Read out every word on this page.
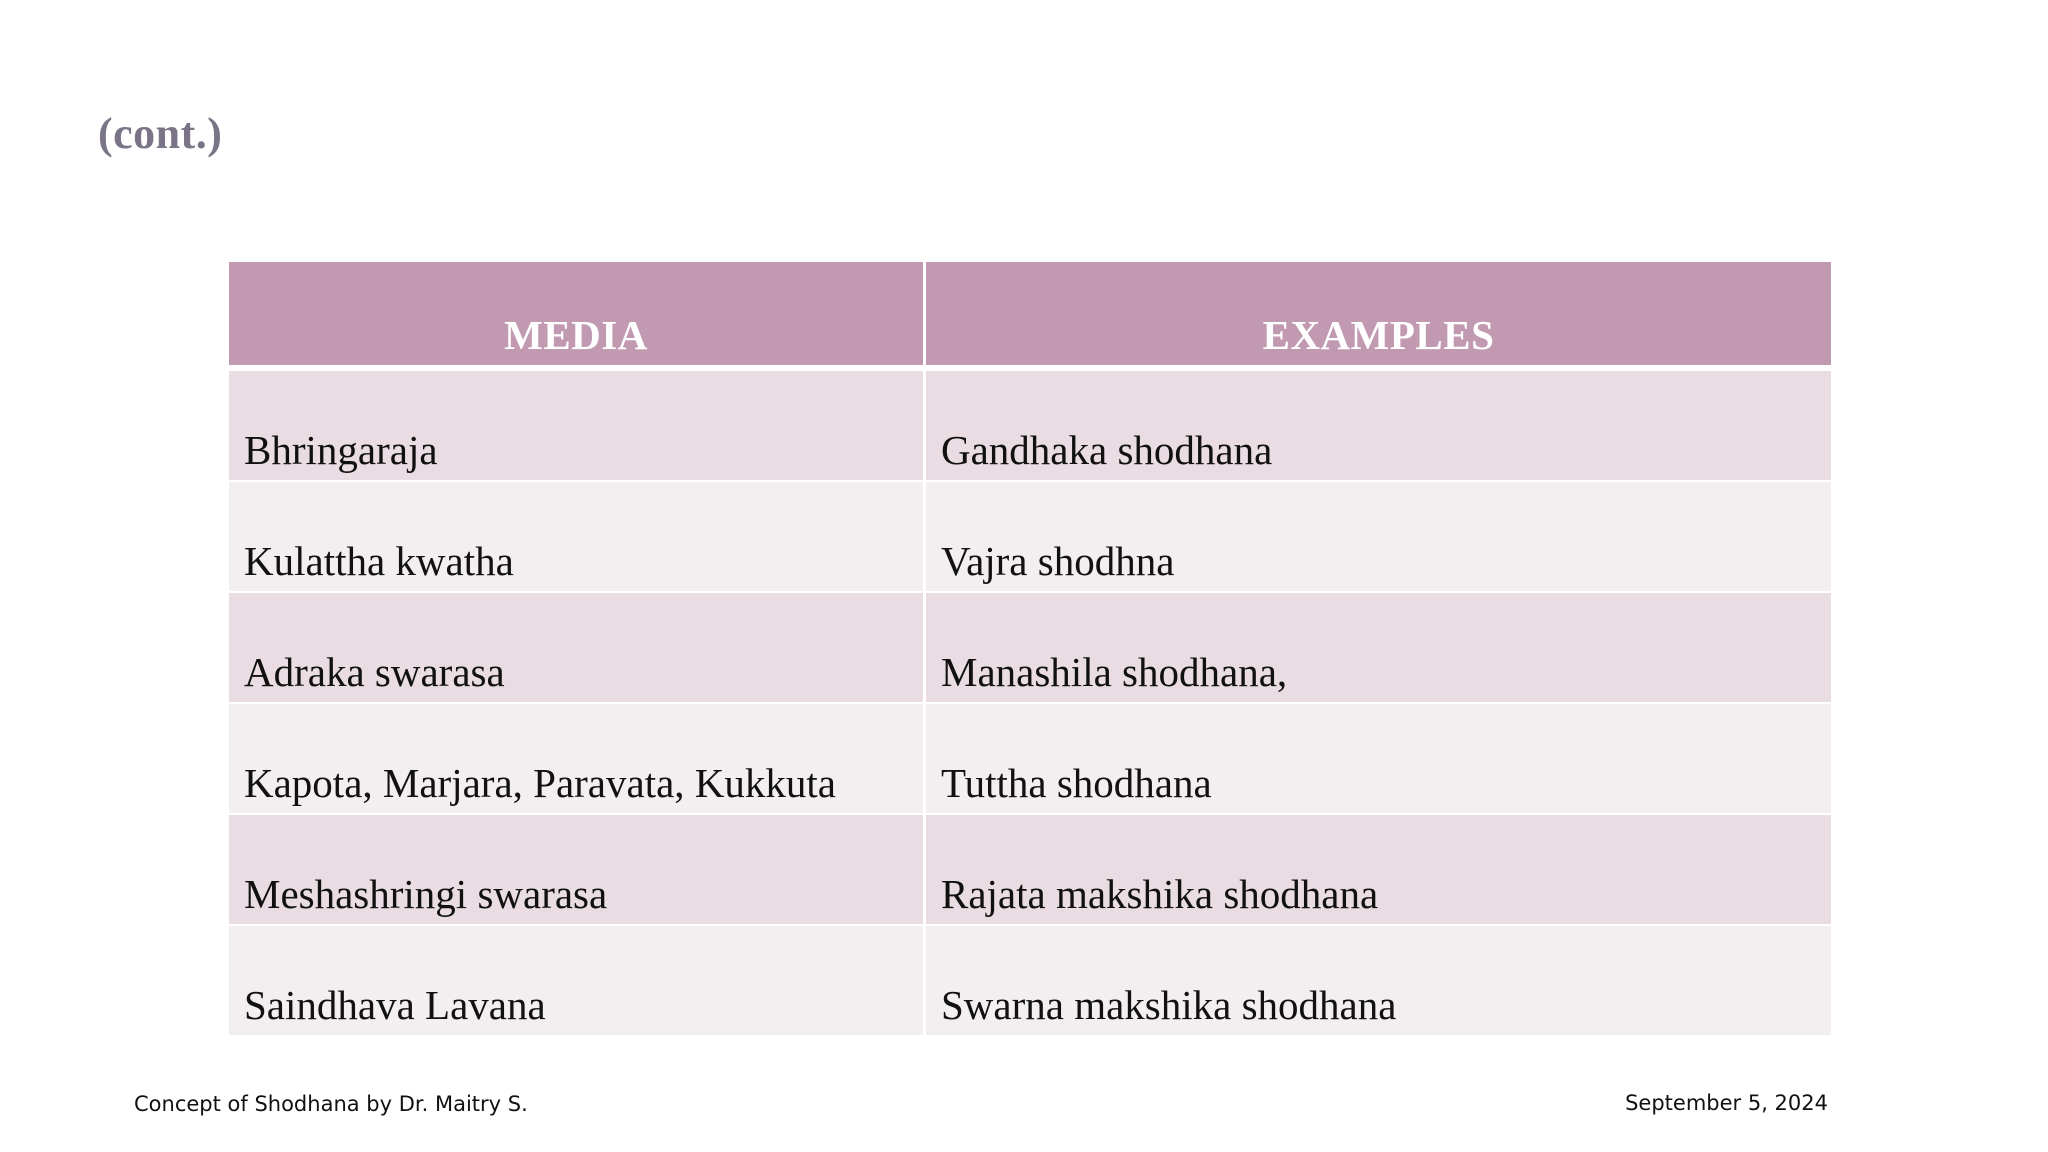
(cont.)
MEDIA	EXAMPLES
Bhringaraja	Gandhaka shodhana
Kulattha kwatha	Vajra shodhna
Adraka swarasa	Manashila shodhana,
Kapota, Marjara, Paravata, Kukkuta	Tuttha shodhana
Meshashringi swarasa	Rajata makshika shodhana
Saindhava Lavana	Swarna makshika shodhana
Concept of Shodhana by Dr. Maitry S.	September 5, 2024
